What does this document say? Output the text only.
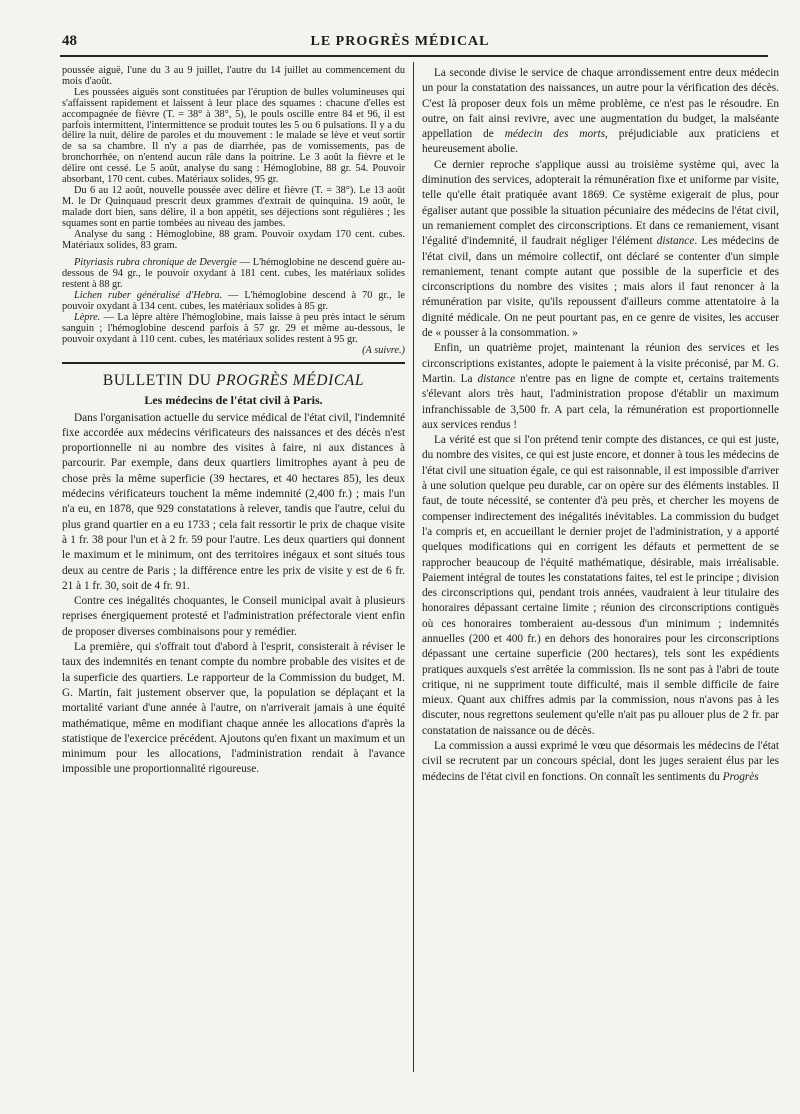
48	LE PROGRÈS MÉDICAL

poussée aiguë, l'une du 3 au 9 juillet, l'autre du 14 juillet au commencement du mois d'août.

Les poussées aiguës sont constituées par l'éruption de bulles volumineuses qui s'affaissent rapidement et laissent à leur place des squames : chacune d'elles est accompagnée de fièvre (T. = 38° à 38°, 5), le pouls oscille entre 84 et 96, il est parfois intermittent, l'intermittence se produit toutes les 5 ou 6 pulsations. Il y a du délire la nuit, délire de paroles et du mouvement : le malade se lève et veut sortir de sa sa chambre. Il n'y a pas de diarrhée, pas de vomissements, pas de bronchorrhée, on n'entend aucun râle dans la poitrine. Le 3 août la fièvre et le délire ont cessé. Le 5 août, analyse du sang : Hémoglobine, 88 gr. 54. Pouvoir absorbant, 170 cent. cubes. Matériaux solides, 95 gr.

Du 6 au 12 août, nouvelle poussée avec délire et fièvre (T. = 38°). Le 13 août M. le Dr Quinquaud prescrit deux grammes d'extrait de quinquina. 19 août, le malade dort bien, sans délire, il a bon appétit, ses déjections sont régulières ; les squames sont en partie tombées au niveau des jambes.

Analyse du sang : Hémoglobine, 88 gram. Pouvoir oxydam 170 cent. cubes. Matériaux solides, 83 gram.

Pityriasis rubra chronique de Devergie — L'hémoglobine ne descend guère au-dessous de 94 gr., le pouvoir oxydant à 181 cent. cubes, les matériaux solides restent à 88 gr.

Lichen ruber généralisé d'Hebra. — L'hémoglobine descend à 70 gr., le pouvoir oxydant à 134 cent. cubes, les matériaux solides à 85 gr.

Lèpre. — La lèpre altère l'hémoglobine, mais laisse à peu près intact le sérum sanguin ; l'hémoglobine descend parfois à 57 gr. 29 et même au-dessous, le pouvoir oxydant à 110 cent. cubes, les matériaux solides restent à 95 gr.

(A suivre.)

BULLETIN DU PROGRÈS MÉDICAL
Les médecins de l'état civil à Paris.

Dans l'organisation actuelle du service médical de l'état civil, l'indemnité fixe accordée aux médecins vérificateurs des naissances et des décès n'est proportionnelle ni au nombre des visites à faire, ni aux distances à parcourir. Par exemple, dans deux quartiers limitrophes ayant à peu de chose près la même superficie (39 hectares, et 40 hectares 85), les deux médecins vérificateurs touchent la même indemnité (2,400 fr.) ; mais l'un n'a eu, en 1878, que 929 constatations à relever, tandis que l'autre, celui du plus grand quartier en a eu 1733 ; cela fait ressortir le prix de chaque visite à 1 fr. 38 pour l'un et à 2 fr. 59 pour l'autre. Les deux quartiers qui donnent le maximum et le minimum, ont des territoires inégaux et sont situés tous deux au centre de Paris ; la différence entre les prix de visite y est de 6 fr. 21 à 1 fr. 30, soit de 4 fr. 91.

Contre ces inégalités choquantes, le Conseil municipal avait à plusieurs reprises énergiquement protesté et l'administration préfectorale vient enfin de proposer diverses combinaisons pour y remédier.

La première, qui s'offrait tout d'abord à l'esprit, consisterait à réviser le taux des indemnités en tenant compte du nombre probable des visites et de la superficie des quartiers. Le rapporteur de la Commission du budget, M. G. Martin, fait justement observer que, la population se déplaçant et la mortalité variant d'une année à l'autre, on n'arriverait jamais à une équité mathématique, même en modifiant chaque année les allocations d'après la statistique de l'exercice précédent. Ajoutons qu'en fixant un maximum et un minimum pour les allocations, l'administration rendait à l'avance impossible une proportionnalité rigoureuse.

La seconde divise le service de chaque arrondissement entre deux médecin un pour la constatation des naissances, un autre pour la vérification des décès. C'est là proposer deux fois un même problème, ce n'est pas le résoudre. En outre, on fait ainsi revivre, avec une augmentation du budget, la malséante appellation de médecin des morts, préjudiciable aux praticiens et heureusement abolie.

Ce dernier reproche s'applique aussi au troisième système qui, avec la diminution des services, adopterait la rémunération fixe et uniforme par visite, telle qu'elle était pratiquée avant 1869. Ce système exigerait de plus, pour égaliser autant que possible la situation pécuniaire des médecins de l'état civil, un remaniement complet des circonscriptions. Et dans ce remaniement, visant l'égalité d'indemnité, il faudrait négliger l'élément distance. Les médecins de l'état civil, dans un mémoire collectif, ont déclaré se contenter d'un simple remaniement, tenant compte autant que possible de la superficie et des circonscriptions du nombre des visites ; mais alors il faut renoncer à la rémunération par visite, qu'ils repoussent d'ailleurs comme attentatoire à la dignité médicale. On ne peut pourtant pas, en ce genre de visites, les accuser de « pousser à la consommation. »

Enfin, un quatrième projet, maintenant la réunion des services et les circonscriptions existantes, adopte le paiement à la visite préconisé, par M. G. Martin. La distance n'entre pas en ligne de compte et, certains traitements s'élevant alors très haut, l'administration propose d'établir un maximum infranchissable de 3,500 fr. A part cela, la rémunération est proportionnelle aux services rendus !

La vérité est que si l'on prétend tenir compte des distances, ce qui est juste, du nombre des visites, ce qui est juste encore, et donner à tous les médecins de l'état civil une situation égale, ce qui est raisonnable, il est impossible d'arriver à une solution quelque peu durable, car on opère sur des éléments instables. Il faut, de toute nécessité, se contenter d'à peu près, et chercher les moyens de compenser indirectement des inégalités inévitables. La commission du budget l'a compris et, en accueillant le dernier projet de l'administration, y a apporté quelques modifications qui en corrigent les défauts et permettent de se rapprocher beaucoup de l'équité mathématique, désirable, mais irréalisable. Paiement intégral de toutes les constatations faites, tel est le principe ; division des circonscriptions qui, pendant trois années, vaudraient à leur titulaire des honoraires dépassant certaine limite ; réunion des circonscriptions contiguës où ces honoraires tomberaient au-dessous d'un minimum ; indemnités annuelles (200 et 400 fr.) en dehors des honoraires pour les circonscriptions dépassant une certaine superficie (200 hectares), tels sont les expédients pratiques auxquels s'est arrêtée la commission. Ils ne sont pas à l'abri de toute critique, ni ne suppriment toute difficulté, mais il semble difficile de faire mieux. Quant aux chiffres admis par la commission, nous n'avons pas à les discuter, nous regrettons seulement qu'elle n'ait pas pu allouer plus de 2 fr. par constatation de naissance ou de décès.

La commission a aussi exprimé le vœu que désormais les médecins de l'état civil se recrutent par un concours spécial, dont les juges seraient élus par les médecins de l'état civil en fonctions. On connaît les sentiments du Progrès
